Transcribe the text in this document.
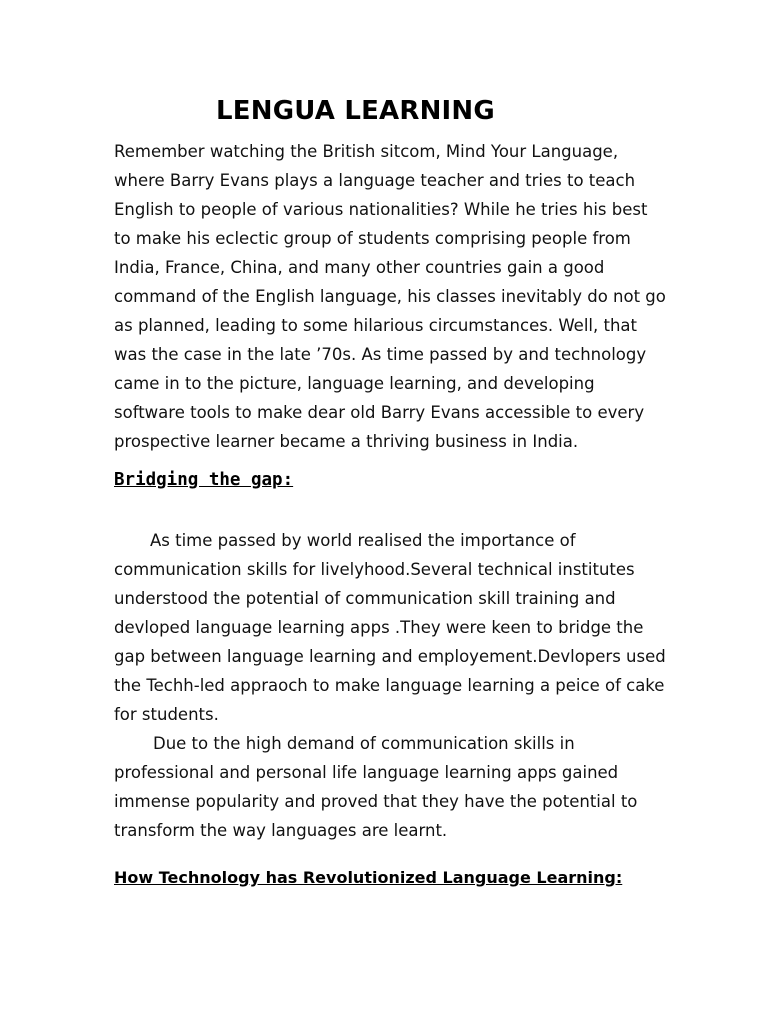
LENGUA LEARNING
Remember watching the British sitcom, Mind Your Language,
where Barry Evans plays a language teacher and tries to teach
English to people of various nationalities? While he tries his best
to make his eclectic group of students comprising people from
India, France, China, and many other countries gain a good
command of the English language, his classes inevitably do not go
as planned, leading to some hilarious circumstances. Well, that
was the case in the late ’70s. As time passed by and technology
came in to the picture, language learning, and developing
software tools to make dear old Barry Evans accessible to every
prospective learner became a thriving business in India.
Bridging the gap:
As time passed by world realised the importance of
communication skills for livelyhood.Several technical institutes
understood the potential of communication skill training and
devloped language learning apps .They were keen to bridge the
gap between language learning and employement.Devlopers used
the Techh-led appraoch to make language learning a peice of cake
for students.
Due to the high demand of communication skills in
professional and personal life language learning apps gained
immense popularity and proved that they have the potential to
transform the way languages are learnt.
How Technology has Revolutionized Language Learning:
